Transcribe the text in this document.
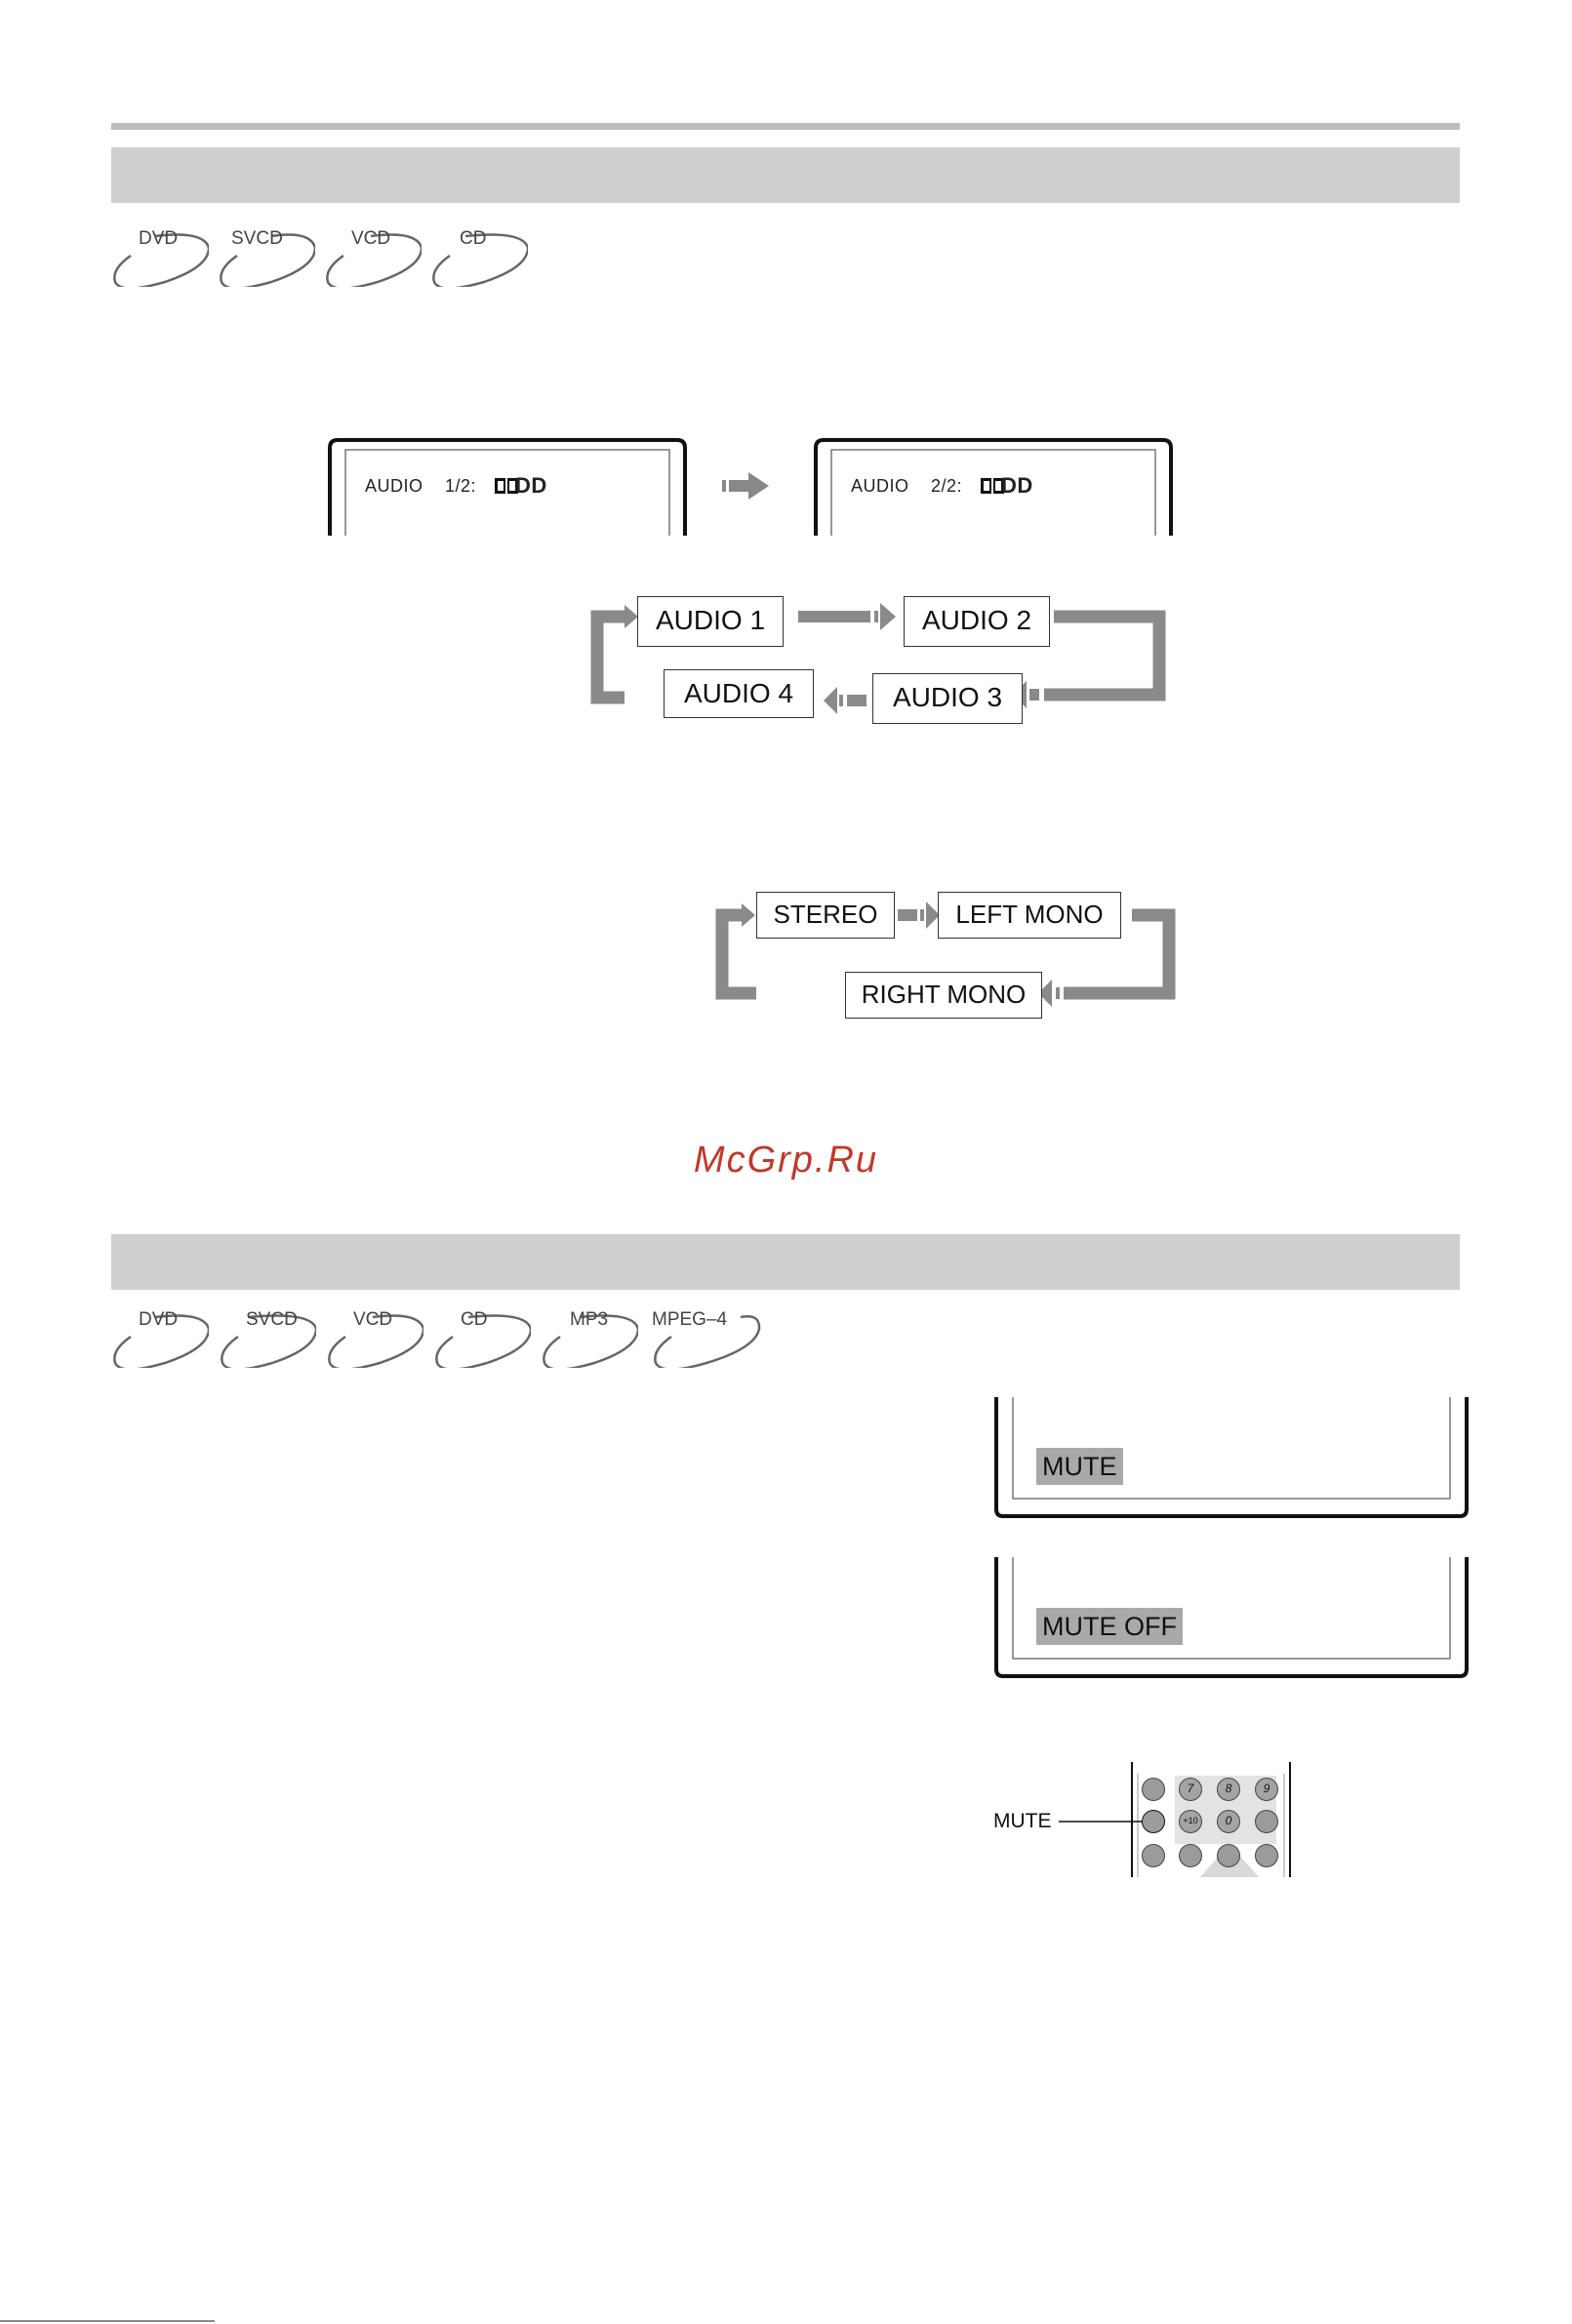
DVD	SVCD	VCD	CD
AUDIO 1/2:	DD	AUDIO 2/2:	DD
AUDIO 1	AUDIO 2
AUDIO 3
AUDIO 4
STEREO	LEFT MONO
RIGHT MONO
McGrp.Ru
DVD	SVCD	VCD	CD	MP3 MPEG–4
MUTE
MUTE OFF
MUTE
7	8	9
+10	0
